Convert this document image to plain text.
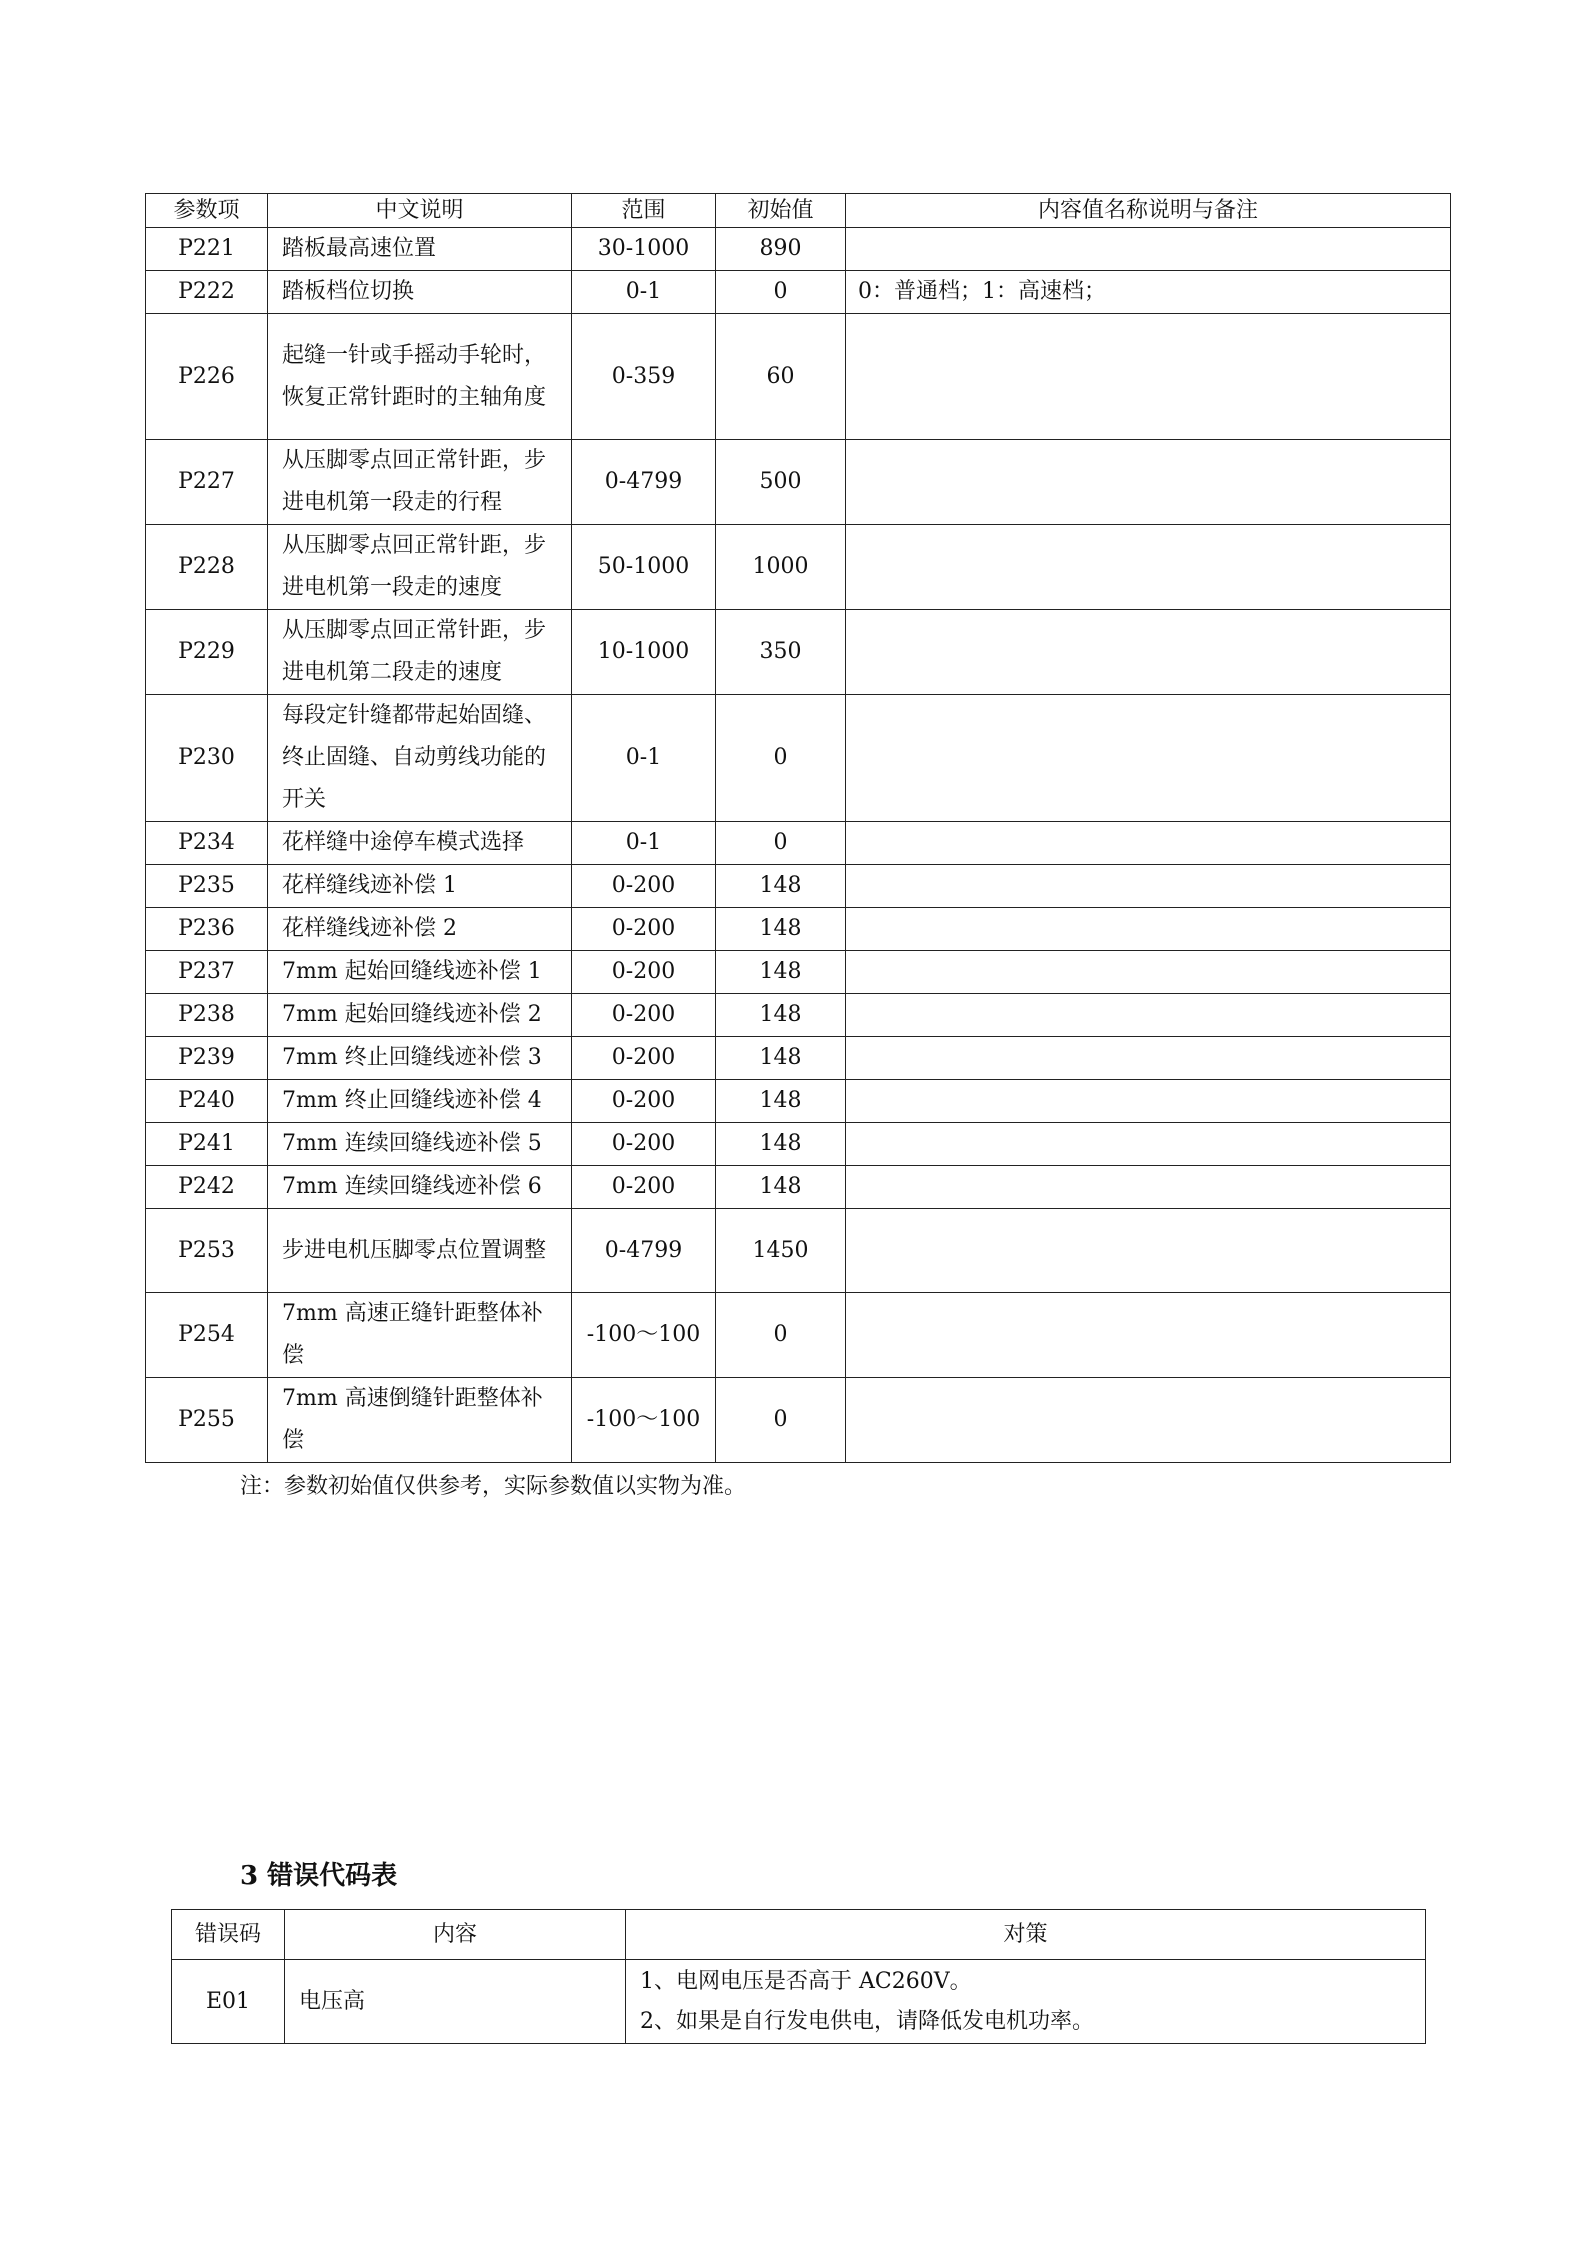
参数项	中文说明	范围	初始值	内容值名称说明与备注
P221	踏板最高速位置	30-1000	890	
P222	踏板档位切换	0-1	0	0：普通档；1：高速档；
P226	起缝一针或手摇动手轮时，恢复正常针距时的主轴角度	0-359	60	
P227	从压脚零点回正常针距，步进电机第一段走的行程	0-4799	500	
P228	从压脚零点回正常针距，步进电机第一段走的速度	50-1000	1000	
P229	从压脚零点回正常针距，步进电机第二段走的速度	10-1000	350	
P230	每段定针缝都带起始固缝、终止固缝、自动剪线功能的开关	0-1	0	
P234	花样缝中途停车模式选择	0-1	0	
P235	花样缝线迹补偿 1	0-200	148	
P236	花样缝线迹补偿 2	0-200	148	
P237	7mm 起始回缝线迹补偿 1	0-200	148	
P238	7mm 起始回缝线迹补偿 2	0-200	148	
P239	7mm 终止回缝线迹补偿 3	0-200	148	
P240	7mm 终止回缝线迹补偿 4	0-200	148	
P241	7mm 连续回缝线迹补偿 5	0-200	148	
P242	7mm 连续回缝线迹补偿 6	0-200	148	
P253	步进电机压脚零点位置调整	0-4799	1450	
P254	7mm 高速正缝针距整体补偿	-100～100	0	
P255	7mm 高速倒缝针距整体补偿	-100～100	0	
注：参数初始值仅供参考，实际参数值以实物为准。
3 错误代码表
错误码	内容	对策
E01	电压高	1、电网电压是否高于 AC260V。
2、如果是自行发电供电，请降低发电机功率。
